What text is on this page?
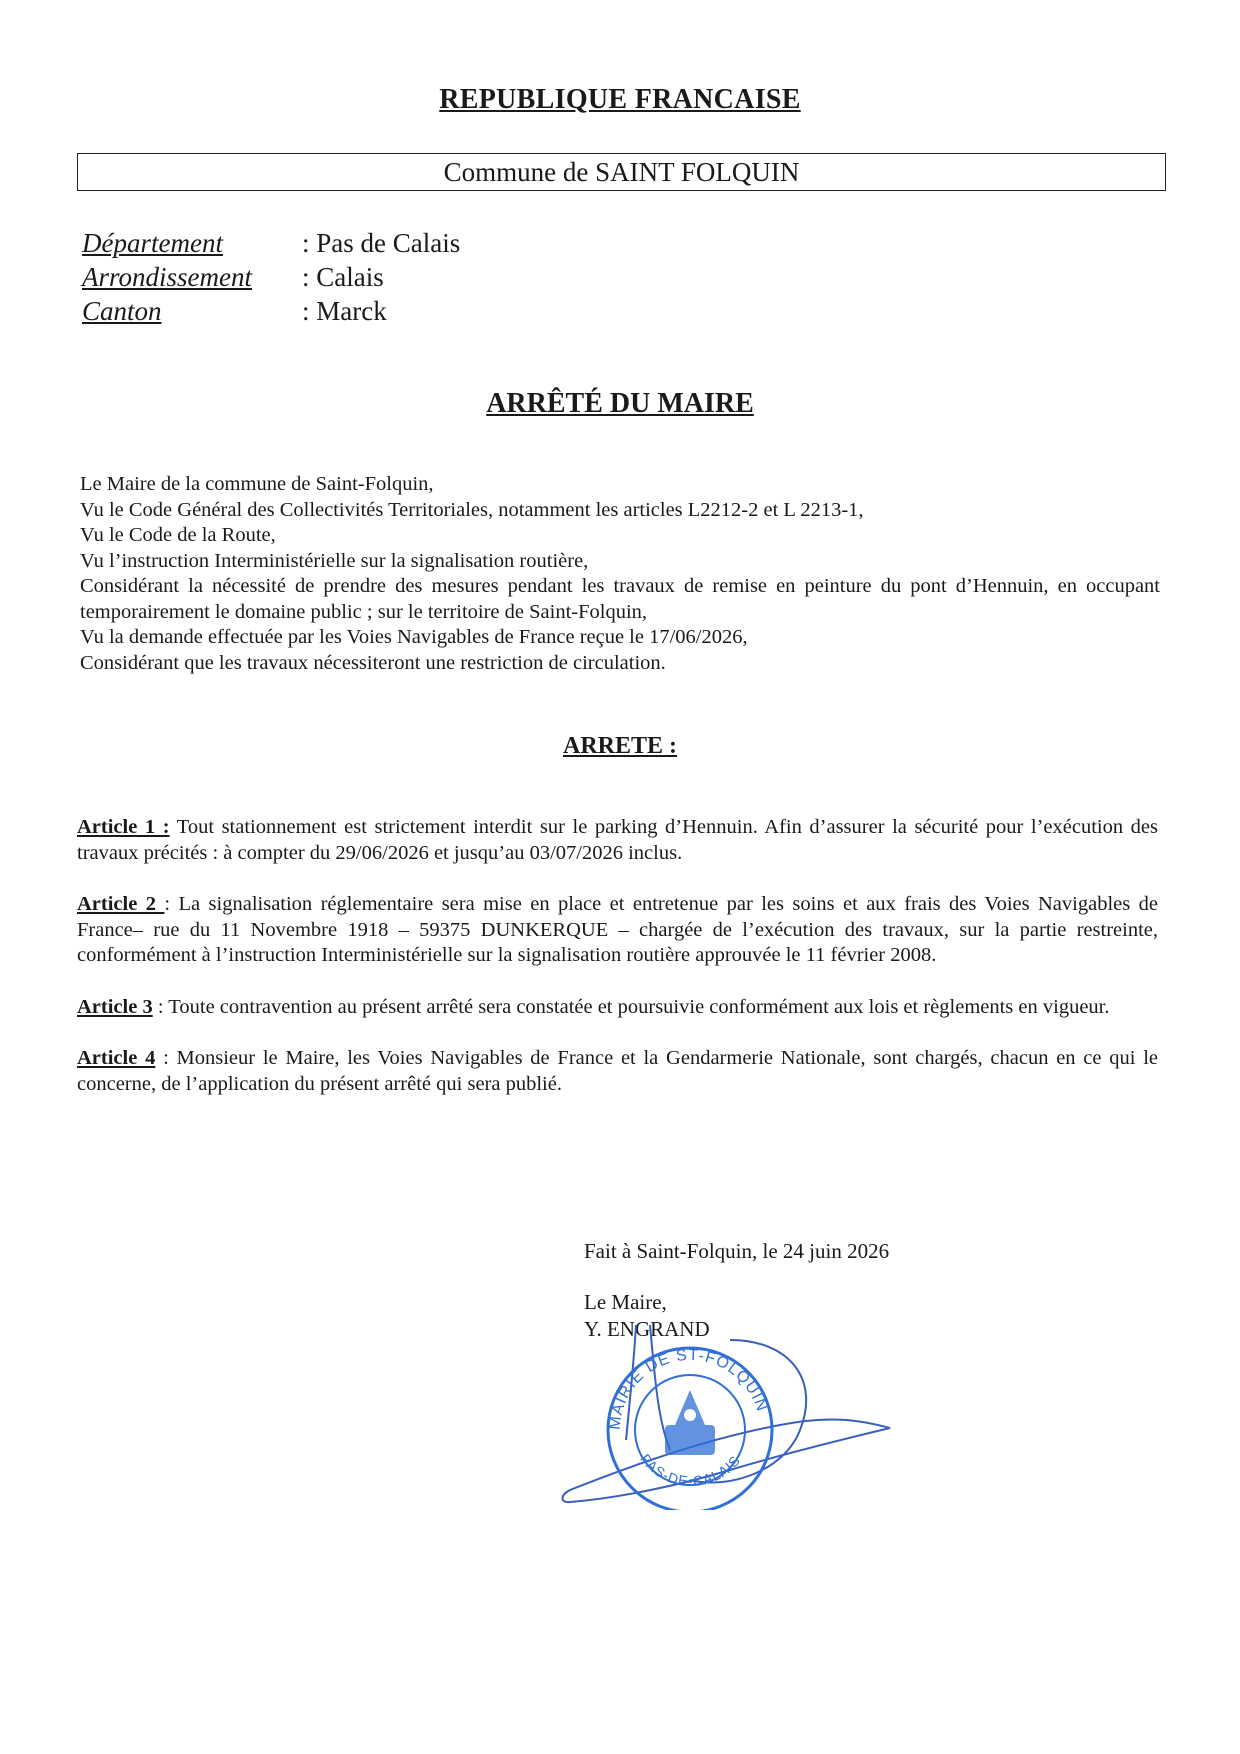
REPUBLIQUE FRANCAISE
Commune de SAINT FOLQUIN
Département	: Pas de Calais
Arrondissement	: Calais
Canton	: Marck
ARRÊTÉ DU MAIRE

Le Maire de la commune de Saint-Folquin,

Vu le Code Général des Collectivités Territoriales, notamment les articles L2212-2 et L 2213-1,

Vu le Code de la Route,

Vu l’instruction Interministérielle sur la signalisation routière,

Considérant la nécessité de prendre des mesures pendant les travaux de remise en peinture du pont d’Hennuin, en occupant temporairement le domaine public ; sur le territoire de Saint-Folquin,

Vu la demande effectuée par les Voies Navigables de France reçue le 17/06/2026,

Considérant que les travaux nécessiteront une restriction de circulation.

ARRETE :

Article 1 : Tout stationnement est strictement interdit sur le parking d’Hennuin. Afin d’assurer la sécurité pour l’exécution des travaux précités : à compter du 29/06/2026 et jusqu’au 03/07/2026 inclus.

Article 2 : La signalisation réglementaire sera mise en place et entretenue par les soins et aux frais des Voies Navigables de France– rue du 11 Novembre 1918 – 59375 DUNKERQUE – chargée de l’exécution des travaux, sur la partie restreinte, conformément à l’instruction Interministérielle sur la signalisation routière approuvée le 11 février 2008.

Article 3 : Toute contravention au présent arrêté sera constatée et poursuivie conformément aux lois et règlements en vigueur.

Article 4 : Monsieur le Maire, les Voies Navigables de France et la Gendarmerie Nationale, sont chargés, chacun en ce qui le concerne, de l’application du présent arrêté qui sera publié.

Fait à Saint-Folquin, le 24 juin 2026
Le Maire,
Y. ENGRAND
MAIRIE DE ST-FOLQUIN
PAS-DE-CALAIS
